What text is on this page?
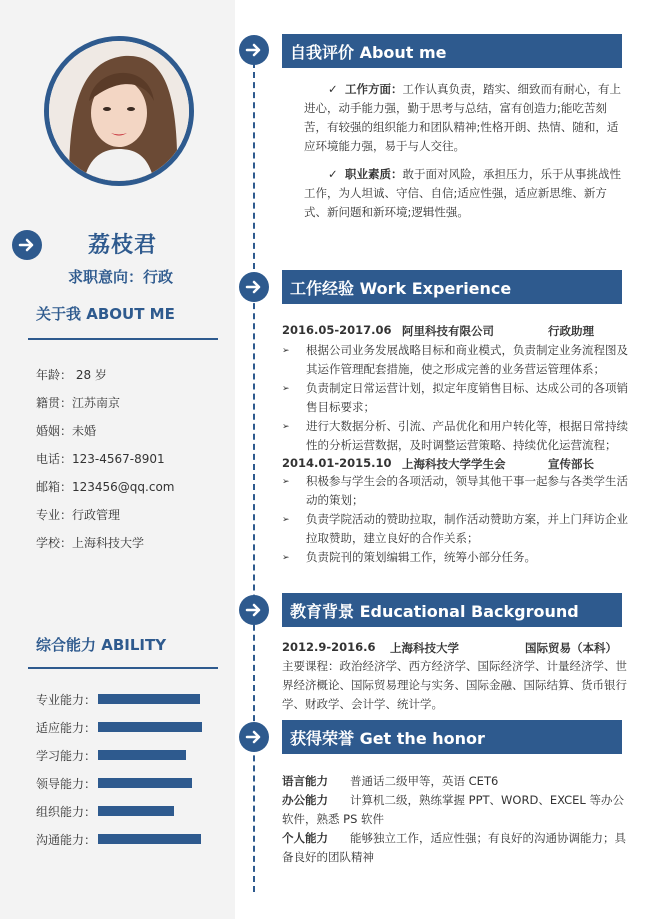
荔枝君
求职意向：行政
关于我 ABOUT ME
年龄： 28 岁
籍贯：江苏南京
婚姻：未婚
电话：123-4567-8901
邮箱：123456@qq.com
专业：行政管理
学校：上海科技大学
综合能力 ABILITY
专业能力：
适应能力：
学习能力：
领导能力：
组织能力：
沟通能力：
自我评价 About me
✓  工作方面：工作认真负责，踏实、细致而有耐心，有上进心，动手能力强，勤于思考与总结，富有创造力;能吃苦刻苦，有较强的组织能力和团队精神;性格开朗、热情、随和，适应环境能力强，易于与人交往。
✓  职业素质：敢于面对风险，承担压力，乐于从事挑战性工作，为人坦诚、守信、自信;适应性强，适应新思维、新方式、新问题和新环境;逻辑性强。
工作经验 Work Experience
2016.05-2017.06 阿里科技有限公司	行政助理
➢	根据公司业务发展战略目标和商业模式，负责制定业务流程图及其运作管理配套措施，使之形成完善的业务营运管理体系；
➢	负责制定日常运营计划，拟定年度销售目标、达成公司的各项销售目标要求；
➢	进行大数据分析、引流、产品优化和用户转化等，根据日常持续性的分析运营数据，及时调整运营策略、持续优化运营流程；
2014.01-2015.10 上海科技大学学生会	宣传部长
➢	积极参与学生会的各项活动，领导其他干事一起参与各类学生活动的策划；
➢	负责学院活动的赞助拉取，制作活动赞助方案，并上门拜访企业拉取赞助，建立良好的合作关系；
➢	负责院刊的策划编辑工作，统筹小部分任务。
教育背景 Educational Background
2012.9-2016.6 上海科技大学	国际贸易（本科）
主要课程：政治经济学、西方经济学、国际经济学、计量经济学、世界经济概论、国际贸易理论与实务、国际金融、国际结算、货币银行学、财政学、会计学、统计学。
获得荣誉 Get the honor
语言能力 普通话二级甲等，英语 CET6
办公能力 计算机二级，熟练掌握 PPT、WORD、EXCEL 等办公软件，熟悉 PS 软件
个人能力 能够独立工作，适应性强；有良好的沟通协调能力；具备良好的团队精神
